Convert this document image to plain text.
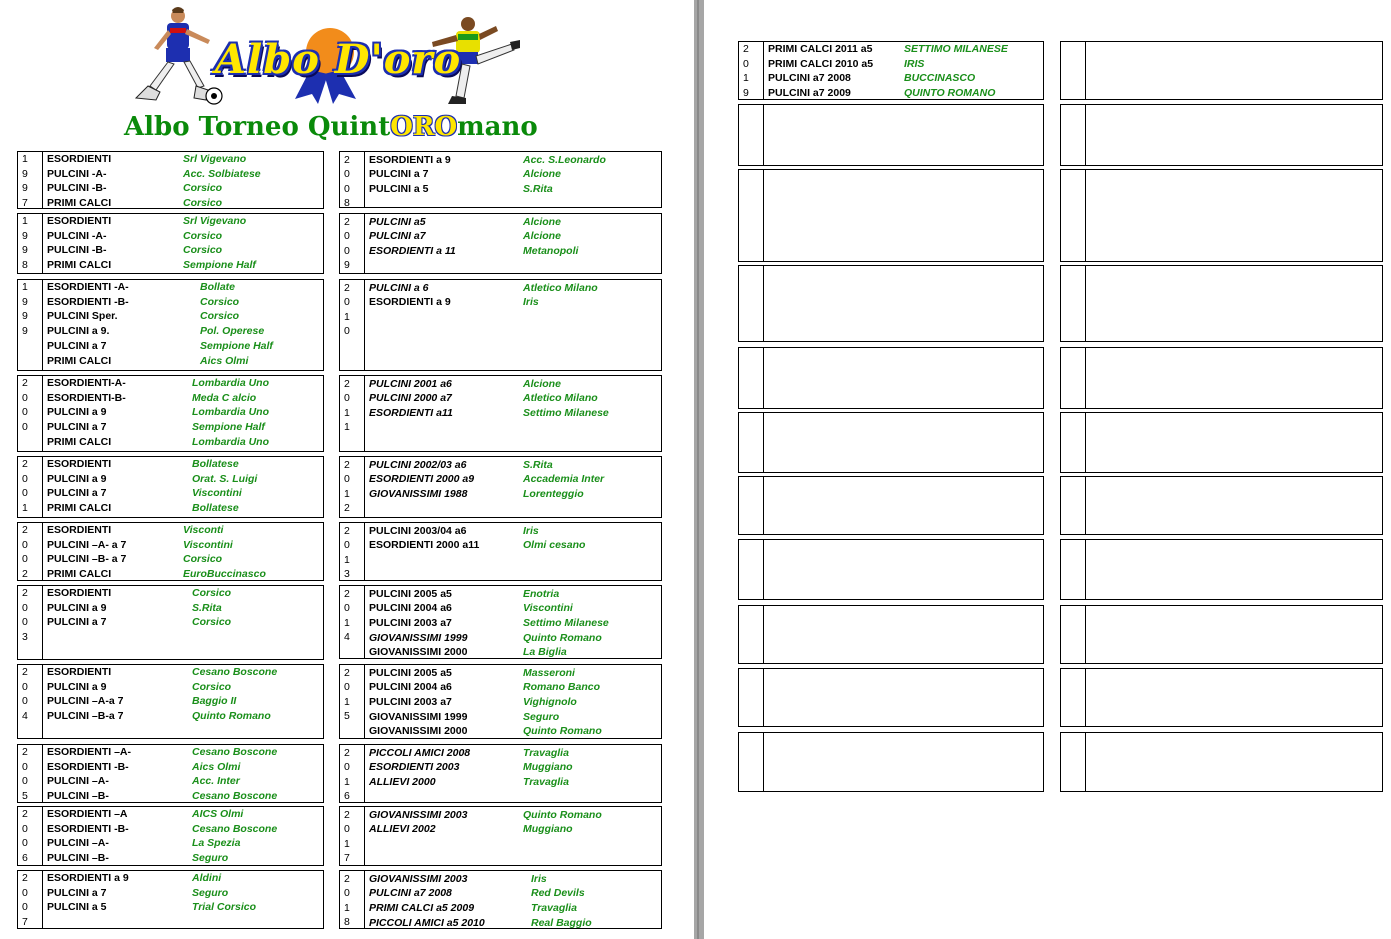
Albo D'oro
Albo Torneo QuintOROmano
1
9
9
7
ESORDIENTI	Srl Vigevano
PULCINI -A-	Acc. Solbiatese
PULCINI -B-	Corsico
PRIMI CALCI	Corsico
1
9
9
8
ESORDIENTI	Srl Vigevano
PULCINI -A-	Corsico
PULCINI -B-	Corsico
PRIMI CALCI	Sempione Half
1
9
9
9
ESORDIENTI -A-	Bollate
ESORDIENTI -B-	Corsico
PULCINI Sper.	Corsico
PULCINI a 9.	Pol. Operese
PULCINI a 7	Sempione Half
PRIMI CALCI	Aics Olmi
2
0
0
0
ESORDIENTI-A-	Lombardia Uno
ESORDIENTI-B-	Meda C alcio
PULCINI a 9	Lombardia Uno
PULCINI a 7	Sempione Half
PRIMI CALCI	Lombardia Uno
2
0
0
1
ESORDIENTI	Bollatese
PULCINI a 9	Orat. S. Luigi
PULCINI a 7	Viscontini
PRIMI CALCI	Bollatese
2
0
0
2
ESORDIENTI	Visconti
PULCINI –A- a 7	Viscontini
PULCINI –B- a 7	Corsico
PRIMI CALCI	EuroBuccinasco
2
0
0
3
ESORDIENTI	Corsico
PULCINI a 9	S.Rita
PULCINI a 7	Corsico
2
0
0
4
ESORDIENTI	Cesano Boscone
PULCINI a 9	Corsico
PULCINI –A-a 7	Baggio II
PULCINI –B-a 7	Quinto Romano
2
0
0
5
ESORDIENTI –A-	Cesano Boscone
ESORDIENTI -B-	Aics Olmi
PULCINI –A-	Acc. Inter
PULCINI –B-	Cesano Boscone
2
0
0
6
ESORDIENTI –A	AICS Olmi
ESORDIENTI -B-	Cesano Boscone
PULCINI –A-	La Spezia
PULCINI –B-	Seguro
2
0
0
7
ESORDIENTI a 9	Aldini
PULCINI a 7	Seguro
PULCINI a 5	Trial Corsico
2
0
0
8
ESORDIENTI a 9	Acc. S.Leonardo
PULCINI a 7	Alcione
PULCINI a 5	S.Rita
2
0
0
9
PULCINI a5	Alcione
PULCINI a7	Alcione
ESORDIENTI a 11	Metanopoli
2
0
1
0
PULCINI a 6	Atletico Milano
ESORDIENTI a 9	Iris
2
0
1
1
PULCINI 2001 a6	Alcione
PULCINI 2000 a7	Atletico Milano
ESORDIENTI a11	Settimo Milanese
2
0
1
2
PULCINI 2002/03 a6	S.Rita
ESORDIENTI 2000 a9	Accademia Inter
GIOVANISSIMI 1988	Lorenteggio
2
0
1
3
PULCINI 2003/04 a6	Iris
ESORDIENTI 2000 a11	Olmi cesano
2
0
1
4
PULCINI 2005 a5	Enotria
PULCINI 2004 a6	Viscontini
PULCINI 2003 a7	Settimo Milanese
GIOVANISSIMI 1999	Quinto Romano
GIOVANISSIMI 2000	La Biglia
2
0
1
5
PULCINI 2005 a5	Masseroni
PULCINI 2004 a6	Romano Banco
PULCINI 2003 a7	Vighignolo
GIOVANISSIMI 1999	Seguro
GIOVANISSIMI 2000	Quinto Romano
2
0
1
6
PICCOLI AMICI 2008	Travaglia
ESORDIENTI 2003	Muggiano
ALLIEVI 2000	Travaglia
2
0
1
7
GIOVANISSIMI 2003	Quinto Romano
ALLIEVI 2002	Muggiano
2
0
1
8
GIOVANISSIMI 2003	Iris
PULCINI a7 2008	Red Devils
PRIMI CALCI a5 2009	Travaglia
PICCOLI AMICI a5 2010	Real Baggio
2
0
1
9
PRIMI CALCI 2011 a5	SETTIMO MILANESE
PRIMI CALCI 2010 a5	IRIS
PULCINI a7 2008	BUCCINASCO
PULCINI a7 2009	QUINTO ROMANO
